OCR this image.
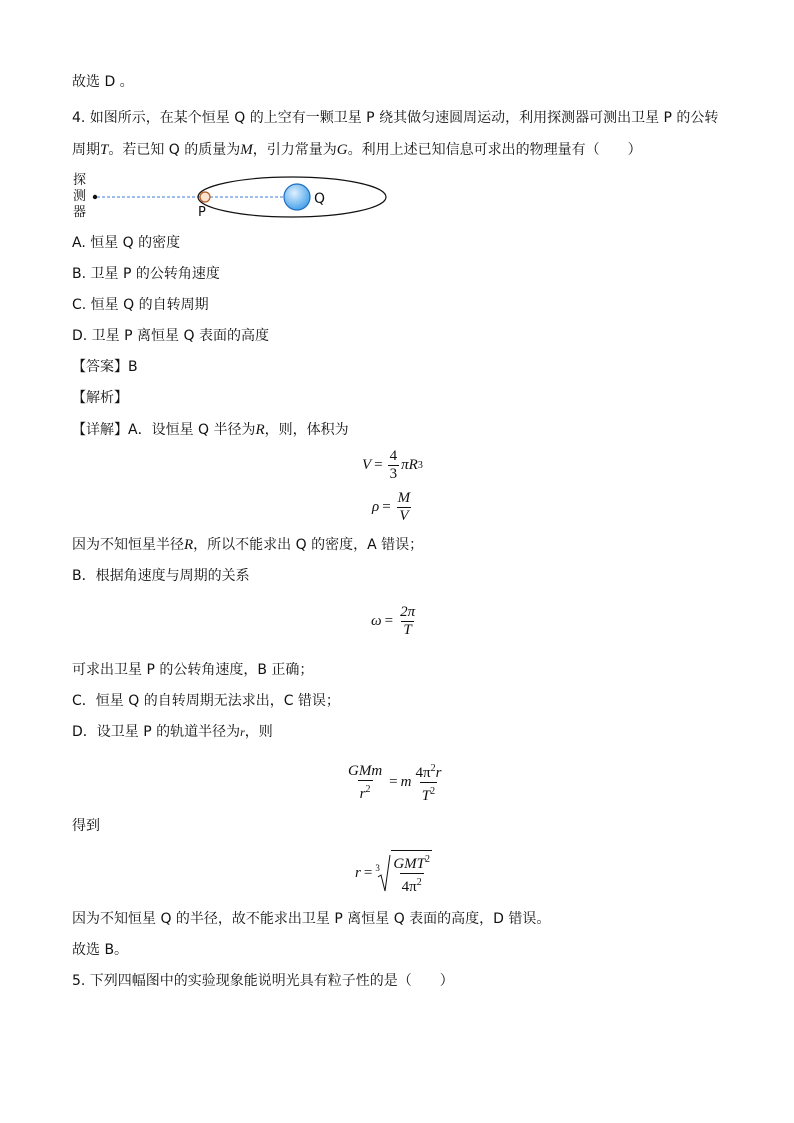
故选 D 。
4. 如图所示，在某个恒星 Q 的上空有一颗卫星 P 绕其做匀速圆周运动，利用探测器可测出卫星 P 的公转
周期T。若已知 Q 的质量为M，引力常量为G。利用上述已知信息可求出的物理量有（　　）
探
测
器	P
Q
A. 恒星 Q 的密度
B. 卫星 P 的公转角速度
C. 恒星 Q 的自转周期
D. 卫星 P 离恒星 Q 表面的高度
【答案】B
【解析】
【详解】A．设恒星 Q 半径为R，则，体积为
$V = \frac{4}{3}$ π R 3
$\rho = \frac{M}{V}$
因为不知恒星半径R，所以不能求出 Q 的密度，A 错误；
B．根据角速度与周期的关系
$\omega = \frac{2\pi}{T}$
可求出卫星 P 的公转角速度，B 正确；
C．恒星 Q 的自转周期无法求出，C 错误；
D．设卫星 P 的轨道半径为r，则
$\frac{\text{GMm}}{r^2} = m \frac{4\pi^2r}{T^2}$
得到
$r = 3 \frac{GMT^2}{4\pi^2}$
因为不知恒星 Q 的半径，故不能求出卫星 P 离恒星 Q 表面的高度，D 错误。
故选 B。
5. 下列四幅图中的实验现象能说明光具有粒子性的是（　　）
